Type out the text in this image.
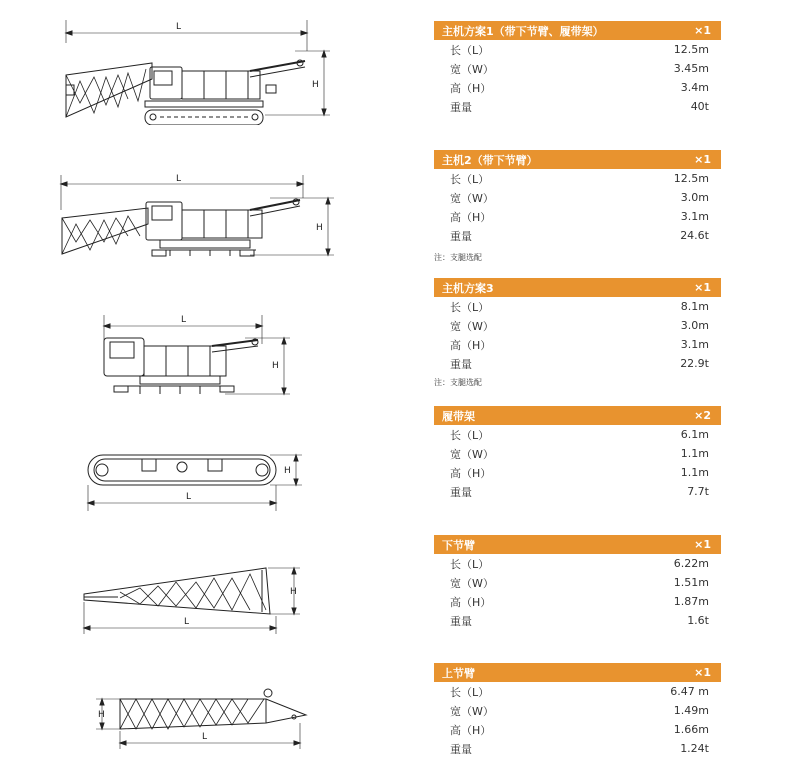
L
H
L
H
L
H
H
L
H
L
H
L
主机方案1（带下节臂、履带架）	×1
长（L）	12.5m
宽（W）	3.45m
高（H）	3.4m
重量	40t
主机2（带下节臂）	×1
长（L）	12.5m
宽（W）	3.0m
高（H）	3.1m
重量	24.6t
注：支腿选配
主机方案3	×1
长（L）	8.1m
宽（W）	3.0m
高（H）	3.1m
重量	22.9t
注：支腿选配
履带架	×2
长（L）	6.1m
宽（W）	1.1m
高（H）	1.1m
重量	7.7t
下节臂	×1
长（L）	6.22m
宽（W）	1.51m
高（H）	1.87m
重量	1.6t
上节臂	×1
长（L）	6.47 m
宽（W）	1.49m
高（H）	1.66m
重量	1.24t
